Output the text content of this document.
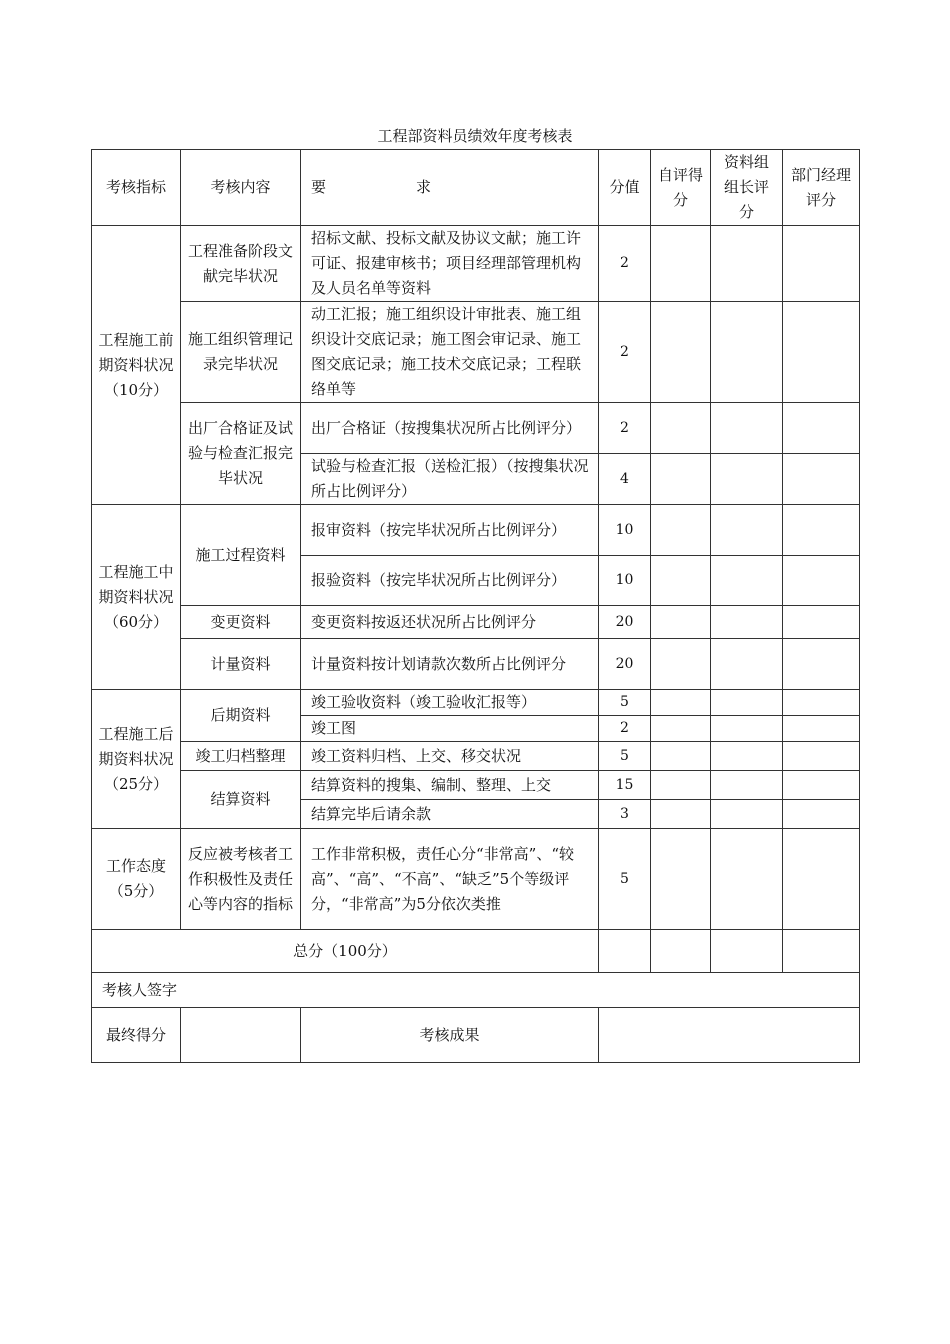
工程部资料员绩效年度考核表
考核指标	考核内容	要 求	分值	自评得分	资料组组长评分	部门经理评分
工程施工前期资料状况（10分）	工程准备阶段文献完毕状况	招标文献、投标文献及协议文献；施工许可证、报建审核书；项目经理部管理机构及人员名单等资料	2			
	施工组织管理记录完毕状况	动工汇报；施工组织设计审批表、施工组织设计交底记录；施工图会审记录、施工图交底记录；施工技术交底记录；工程联络单等	2			
	出厂合格证及试验与检查汇报完毕状况	出厂合格证（按搜集状况所占比例评分）	2			
		试验与检查汇报（送检汇报）（按搜集状况所占比例评分）	4			
工程施工中期资料状况（60分）	施工过程资料	报审资料（按完毕状况所占比例评分）	10			
		报验资料（按完毕状况所占比例评分）	10			
	变更资料	变更资料按返还状况所占比例评分	20			
	计量资料	计量资料按计划请款次数所占比例评分	20			
工程施工后期资料状况（25分）	后期资料	竣工验收资料（竣工验收汇报等）	5			
		竣工图	2			
	竣工归档整理	竣工资料归档、上交、移交状况	5			
	结算资料	结算资料的搜集、编制、整理、上交	15			
		结算完毕后请余款	3			
工作态度（5分）	反应被考核者工作积极性及责任心等内容的指标	工作非常积极，责任心分“非常高”、“较高”、“高”、“不高”、“缺乏”5个等级评分，“非常高”为5分依次类推	5			
总分（100分）						
考核人签字						
最终得分		考核成果				
